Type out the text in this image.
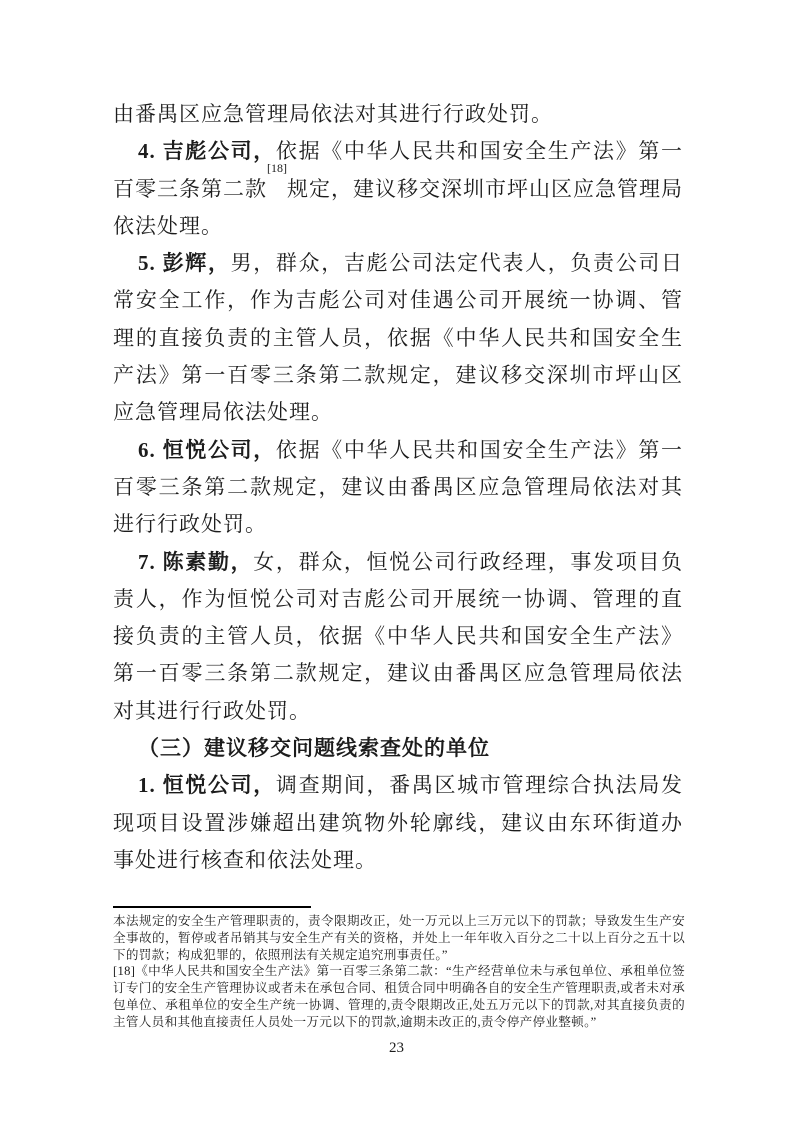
由番禺区应急管理局依法对其进行行政处罚。

4. 吉彪公司，依据《中华人民共和国安全生产法》第一百零三条第二款[18]规定，建议移交深圳市坪山区应急管理局依法处理。

5. 彭辉，男，群众，吉彪公司法定代表人，负责公司日常安全工作，作为吉彪公司对佳遇公司开展统一协调、管理的直接负责的主管人员，依据《中华人民共和国安全生产法》第一百零三条第二款规定，建议移交深圳市坪山区应急管理局依法处理。

6. 恒悦公司，依据《中华人民共和国安全生产法》第一百零三条第二款规定，建议由番禺区应急管理局依法对其进行行政处罚。

7. 陈素勤，女，群众，恒悦公司行政经理，事发项目负责人，作为恒悦公司对吉彪公司开展统一协调、管理的直接负责的主管人员，依据《中华人民共和国安全生产法》第一百零三条第二款规定，建议由番禺区应急管理局依法对其进行行政处罚。

（三）建议移交问题线索查处的单位

1. 恒悦公司，调查期间，番禺区城市管理综合执法局发现项目设置涉嫌超出建筑物外轮廓线，建议由东环街道办事处进行核查和依法处理。

本法规定的安全生产管理职责的，责令限期改正，处一万元以上三万元以下的罚款；导致发生生产安全事故的，暂停或者吊销其与安全生产有关的资格，并处上一年年收入百分之二十以上百分之五十以下的罚款；构成犯罪的，依照刑法有关规定追究刑事责任。”

[18]《中华人民共和国安全生产法》第一百零三条第二款：“生产经营单位未与承包单位、承租单位签订专门的安全生产管理协议或者未在承包合同、租赁合同中明确各自的安全生产管理职责,或者未对承包单位、承租单位的安全生产统一协调、管理的,责令限期改正,处五万元以下的罚款,对其直接负责的主管人员和其他直接责任人员处一万元以下的罚款,逾期未改正的,责令停产停业整顿。”

23
